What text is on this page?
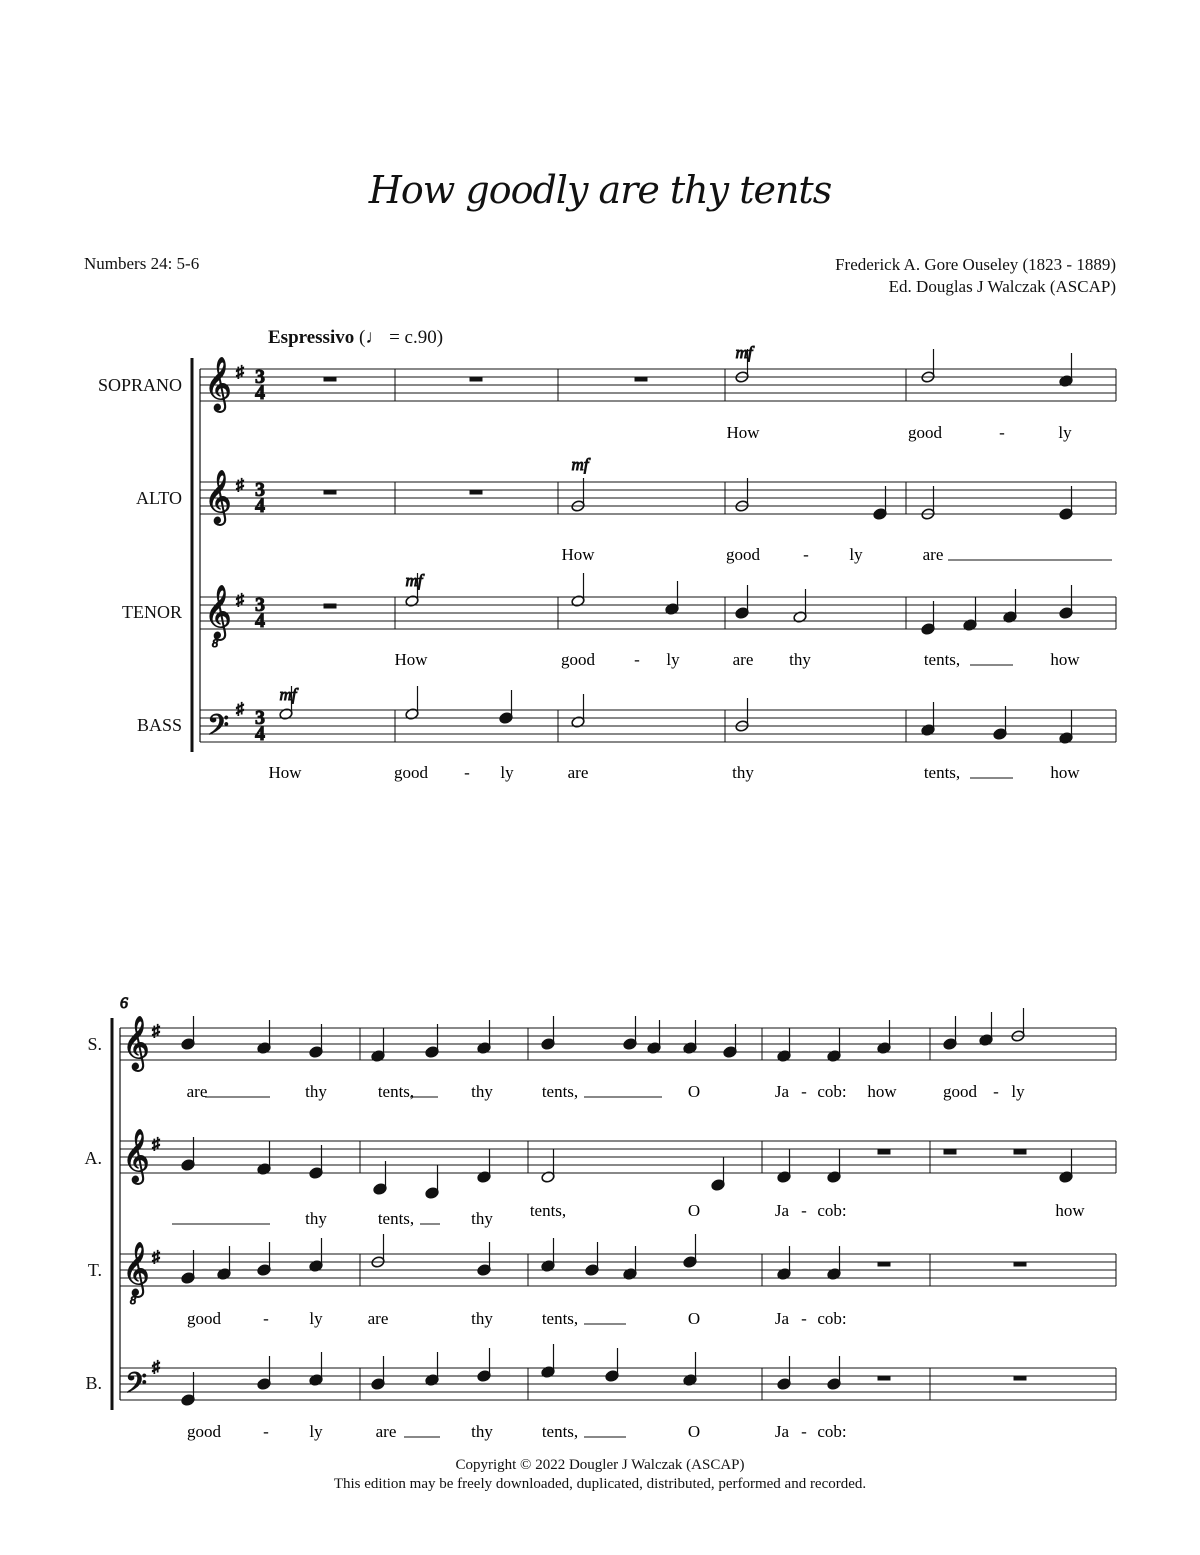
How goodly are thy tents
Numbers 24: 5-6	Frederick A. Gore Ouseley (1823 - 1889)
Ed. Douglas J Walczak (ASCAP)
Espressivo (♩ = c.90)
SOPRANO
ALTO
TENOR
BASS
S.
A.
T.
B.
𝄞 ♯ 3
4
𝄞 ♯ 3
4
𝄞 ♯ 3
4
8
𝄢
♯ 3
4
mf
mf
mf
mf
𝄞 ♯
𝄞 ♯
𝄞 ♯
8
𝄢
♯
6
How	good	-	ly
How	good	- ly	are
How	good - ly	are thy	tents,	how
How	good - ly	are	thy	tents,	how
are	thy	tents,	thy	tents,	O	Ja - cob: how	good - ly
thy	tents,	thy tents,	O	Ja - cob:	how
good - ly	are	thy	tents,	O	Ja - cob:
good - ly	are	thy	tents,	O	Ja - cob:
Copyright © 2022 Dougler J Walczak (ASCAP)
This edition may be freely downloaded, duplicated, distributed, performed and recorded.
